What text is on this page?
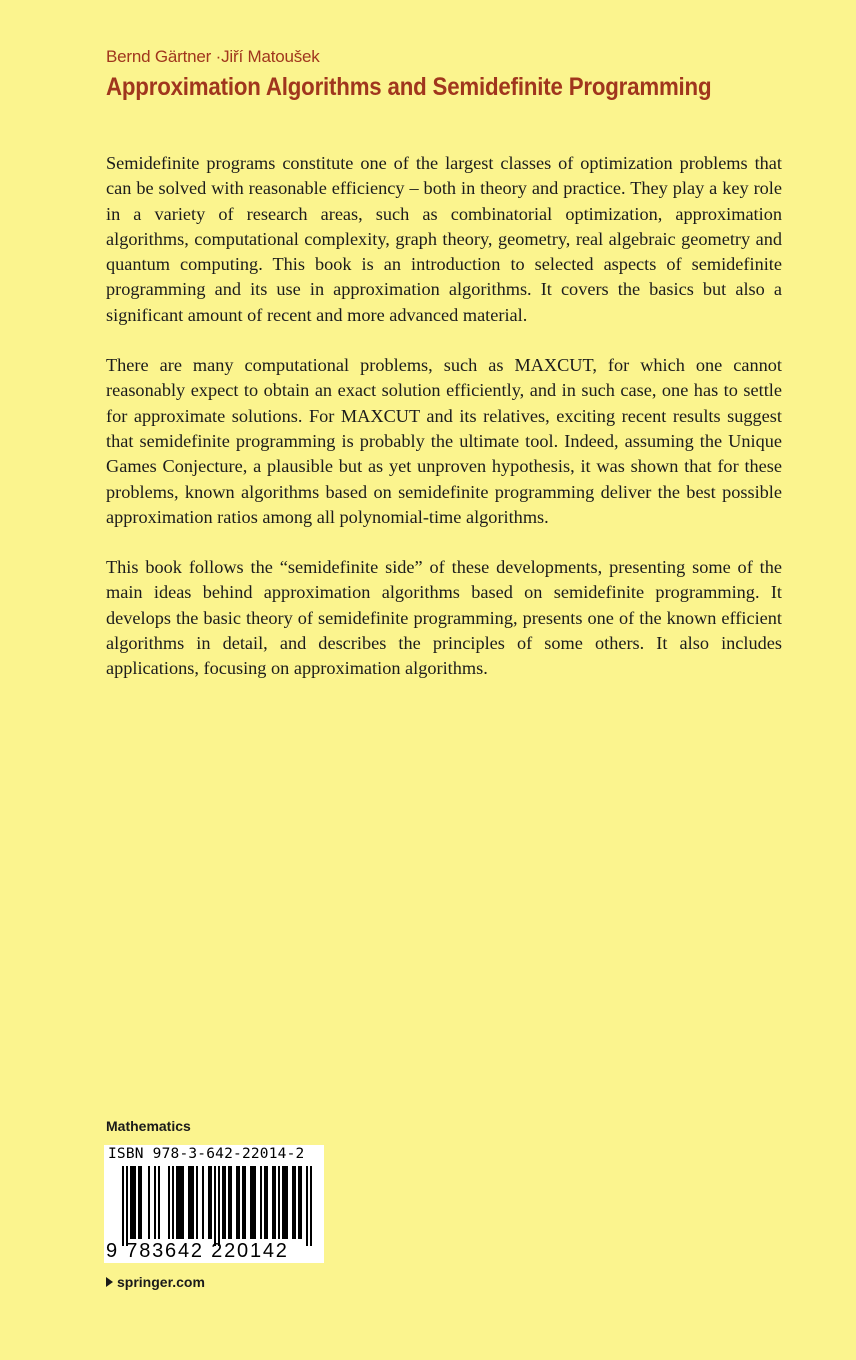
Bernd Gärtner ·Jiří Matoušek
Approximation Algorithms and Semidefinite Programming

Semidefinite programs constitute one of the largest classes of optimization problems that can be solved with reasonable efficiency – both in theory and practice. They play a key role in a variety of research areas, such as combinatorial optimization, approximation algorithms, computational complexity, graph theory, geometry, real algebraic geometry and quantum computing. This book is an introduction to selected aspects of semidefinite programming and its use in approximation algorithms. It covers the basics but also a significant amount of recent and more advanced material.

There are many computational problems, such as MAXCUT, for which one cannot reasonably expect to obtain an exact solution efficiently, and in such case, one has to settle for approximate solutions. For MAXCUT and its relatives, exciting recent results suggest that semidefinite programming is probably the ultimate tool. Indeed, assuming the Unique Games Conjecture, a plausible but as yet unproven hypothesis, it was shown that for these problems, known algorithms based on semidefinite programming deliver the best possible approximation ratios among all polynomial-time algorithms.

This book follows the “semidefinite side” of these developments, presenting some of the main ideas behind approximation algorithms based on semidefinite programming. It develops the basic theory of semidefinite programming, presents one of the known efficient algorithms in detail, and describes the principles of some others. It also includes applications, focusing on approximation algorithms.

Mathematics
ISBN 978-3-642-22014-2
9 783642 220142
springer.com
